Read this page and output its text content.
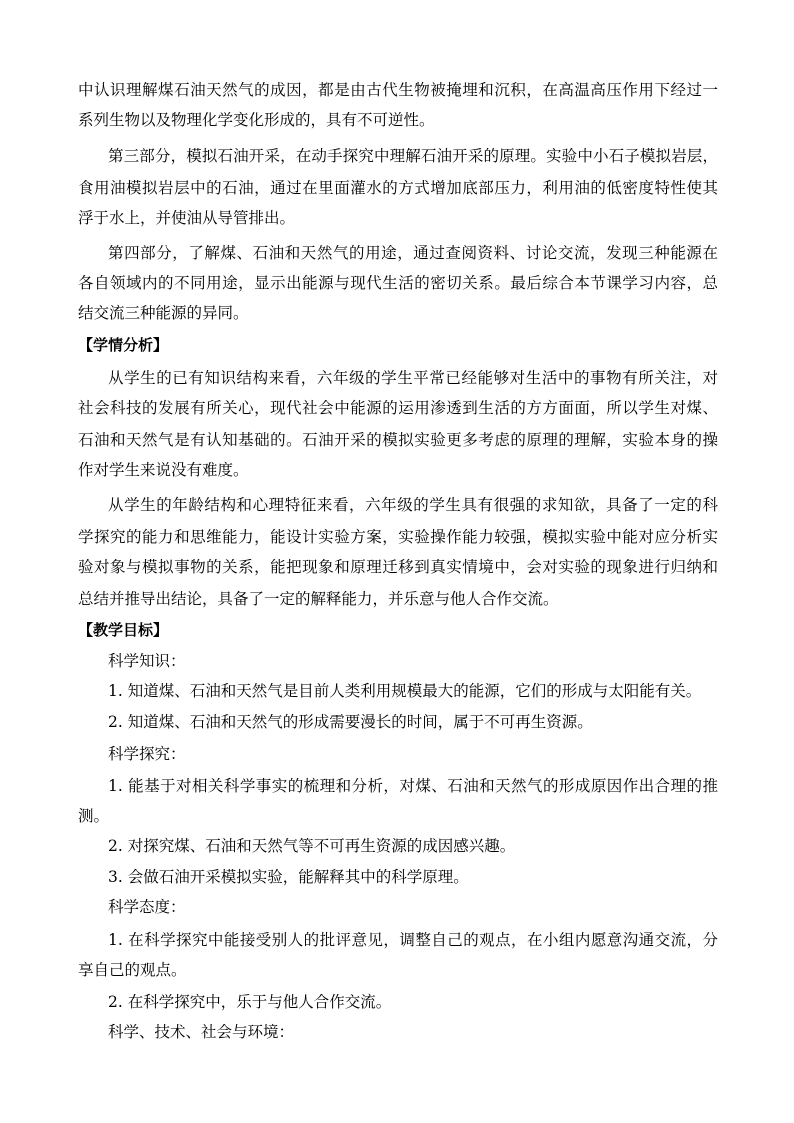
中认识理解煤石油天然气的成因，都是由古代生物被掩埋和沉积，在高温高压作用下经过一
系列生物以及物理化学变化形成的，具有不可逆性。
第三部分，模拟石油开采，在动手探究中理解石油开采的原理。实验中小石子模拟岩层，
食用油模拟岩层中的石油，通过在里面灌水的方式增加底部压力，利用油的低密度特性使其
浮于水上，并使油从导管排出。
第四部分，了解煤、石油和天然气的用途，通过查阅资料、讨论交流，发现三种能源在
各自领域内的不同用途，显示出能源与现代生活的密切关系。最后综合本节课学习内容，总
结交流三种能源的异同。
【学情分析】
从学生的已有知识结构来看，六年级的学生平常已经能够对生活中的事物有所关注，对
社会科技的发展有所关心，现代社会中能源的运用渗透到生活的方方面面，所以学生对煤、
石油和天然气是有认知基础的。石油开采的模拟实验更多考虑的原理的理解，实验本身的操
作对学生来说没有难度。
从学生的年龄结构和心理特征来看，六年级的学生具有很强的求知欲，具备了一定的科
学探究的能力和思维能力，能设计实验方案，实验操作能力较强，模拟实验中能对应分析实
验对象与模拟事物的关系，能把现象和原理迁移到真实情境中，会对实验的现象进行归纳和
总结并推导出结论，具备了一定的解释能力，并乐意与他人合作交流。
【教学目标】
科学知识：
1. 知道煤、石油和天然气是目前人类利用规模最大的能源，它们的形成与太阳能有关。
2. 知道煤、石油和天然气的形成需要漫长的时间，属于不可再生资源。
科学探究：
1. 能基于对相关科学事实的梳理和分析，对煤、石油和天然气的形成原因作出合理的推
测。
2. 对探究煤、石油和天然气等不可再生资源的成因感兴趣。
3. 会做石油开采模拟实验，能解释其中的科学原理。
科学态度：
1. 在科学探究中能接受别人的批评意见，调整自己的观点，在小组内愿意沟通交流，分
享自己的观点。
2. 在科学探究中，乐于与他人合作交流。
科学、技术、社会与环境：
